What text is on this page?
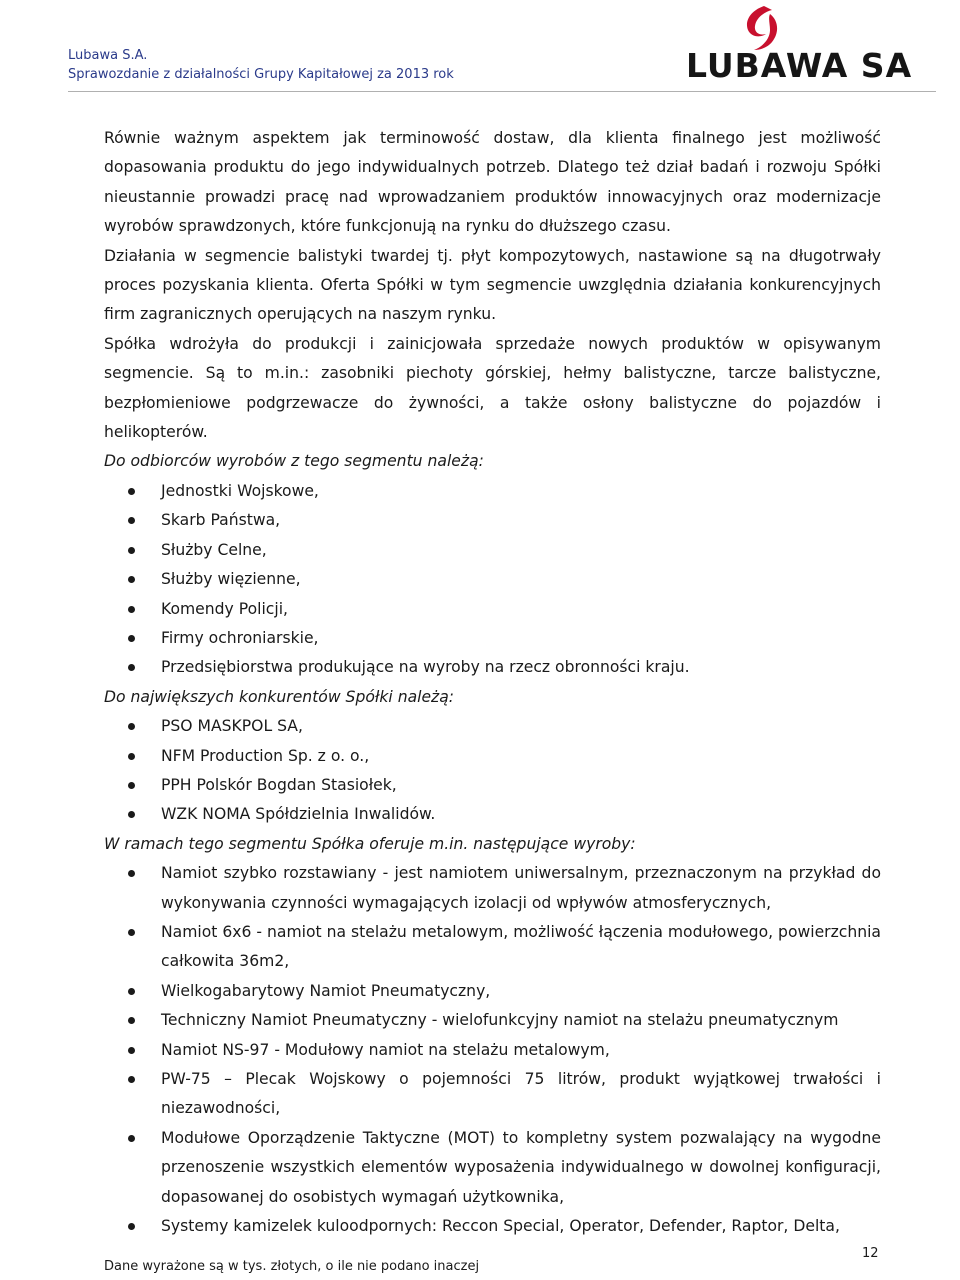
Lubawa S.A.

Sprawozdanie z działalności Grupy Kapitałowej za 2013 rok	LUBAWA SA

Równie ważnym aspektem jak terminowość dostaw, dla klienta finalnego jest możliwość dopasowania produktu do jego indywidualnych potrzeb. Dlatego też dział badań i rozwoju Spółki nieustannie prowadzi pracę nad wprowadzaniem produktów innowacyjnych oraz modernizacje wyrobów sprawdzonych, które funkcjonują na rynku do dłuższego czasu.

Działania w segmencie balistyki twardej tj. płyt kompozytowych, nastawione są na długotrwały proces pozyskania klienta. Oferta Spółki w tym segmencie uwzględnia działania konkurencyjnych firm zagranicznych operujących na naszym rynku.

Spółka wdrożyła do produkcji i zainicjowała sprzedaże nowych produktów w opisywanym segmencie. Są to m.in.: zasobniki piechoty górskiej, hełmy balistyczne, tarcze balistyczne, bezpłomieniowe podgrzewacze do żywności, a także osłony balistyczne do pojazdów i helikopterów.

Do odbiorców wyrobów z tego segmentu należą:

Jednostki Wojskowe,
Skarb Państwa,
Służby Celne,
Służby więzienne,
Komendy Policji,
Firmy ochroniarskie,
Przedsiębiorstwa produkujące na wyroby na rzecz obronności kraju.

Do największych konkurentów Spółki należą:

PSO MASKPOL SA,
NFM Production Sp. z o. o.,
PPH Polskór Bogdan Stasiołek,
WZK NOMA Spółdzielnia Inwalidów.

W ramach tego segmentu Spółka oferuje m.in. następujące wyroby:

Namiot szybko rozstawiany - jest namiotem uniwersalnym, przeznaczonym na przykład do wykonywania czynności wymagających izolacji od wpływów atmosferycznych,
Namiot 6x6 - namiot na stelażu metalowym, możliwość łączenia modułowego, powierzchnia całkowita 36m2,
Wielkogabarytowy Namiot Pneumatyczny,
Techniczny Namiot Pneumatyczny - wielofunkcyjny namiot na stelażu pneumatycznym
Namiot NS-97 - Modułowy namiot na stelażu metalowym,
PW-75 – Plecak Wojskowy o pojemności 75 litrów, produkt wyjątkowej trwałości i niezawodności,
Modułowe Oporządzenie Taktyczne (MOT) to kompletny system pozwalający na wygodne przenoszenie wszystkich elementów wyposażenia indywidualnego w dowolnej konfiguracji, dopasowanej do osobistych wymagań użytkownika,
Systemy kamizelek kuloodpornych: Reccon Special, Operator, Defender, Raptor, Delta,

12

Dane wyrażone są w tys. złotych, o ile nie podano inaczej
